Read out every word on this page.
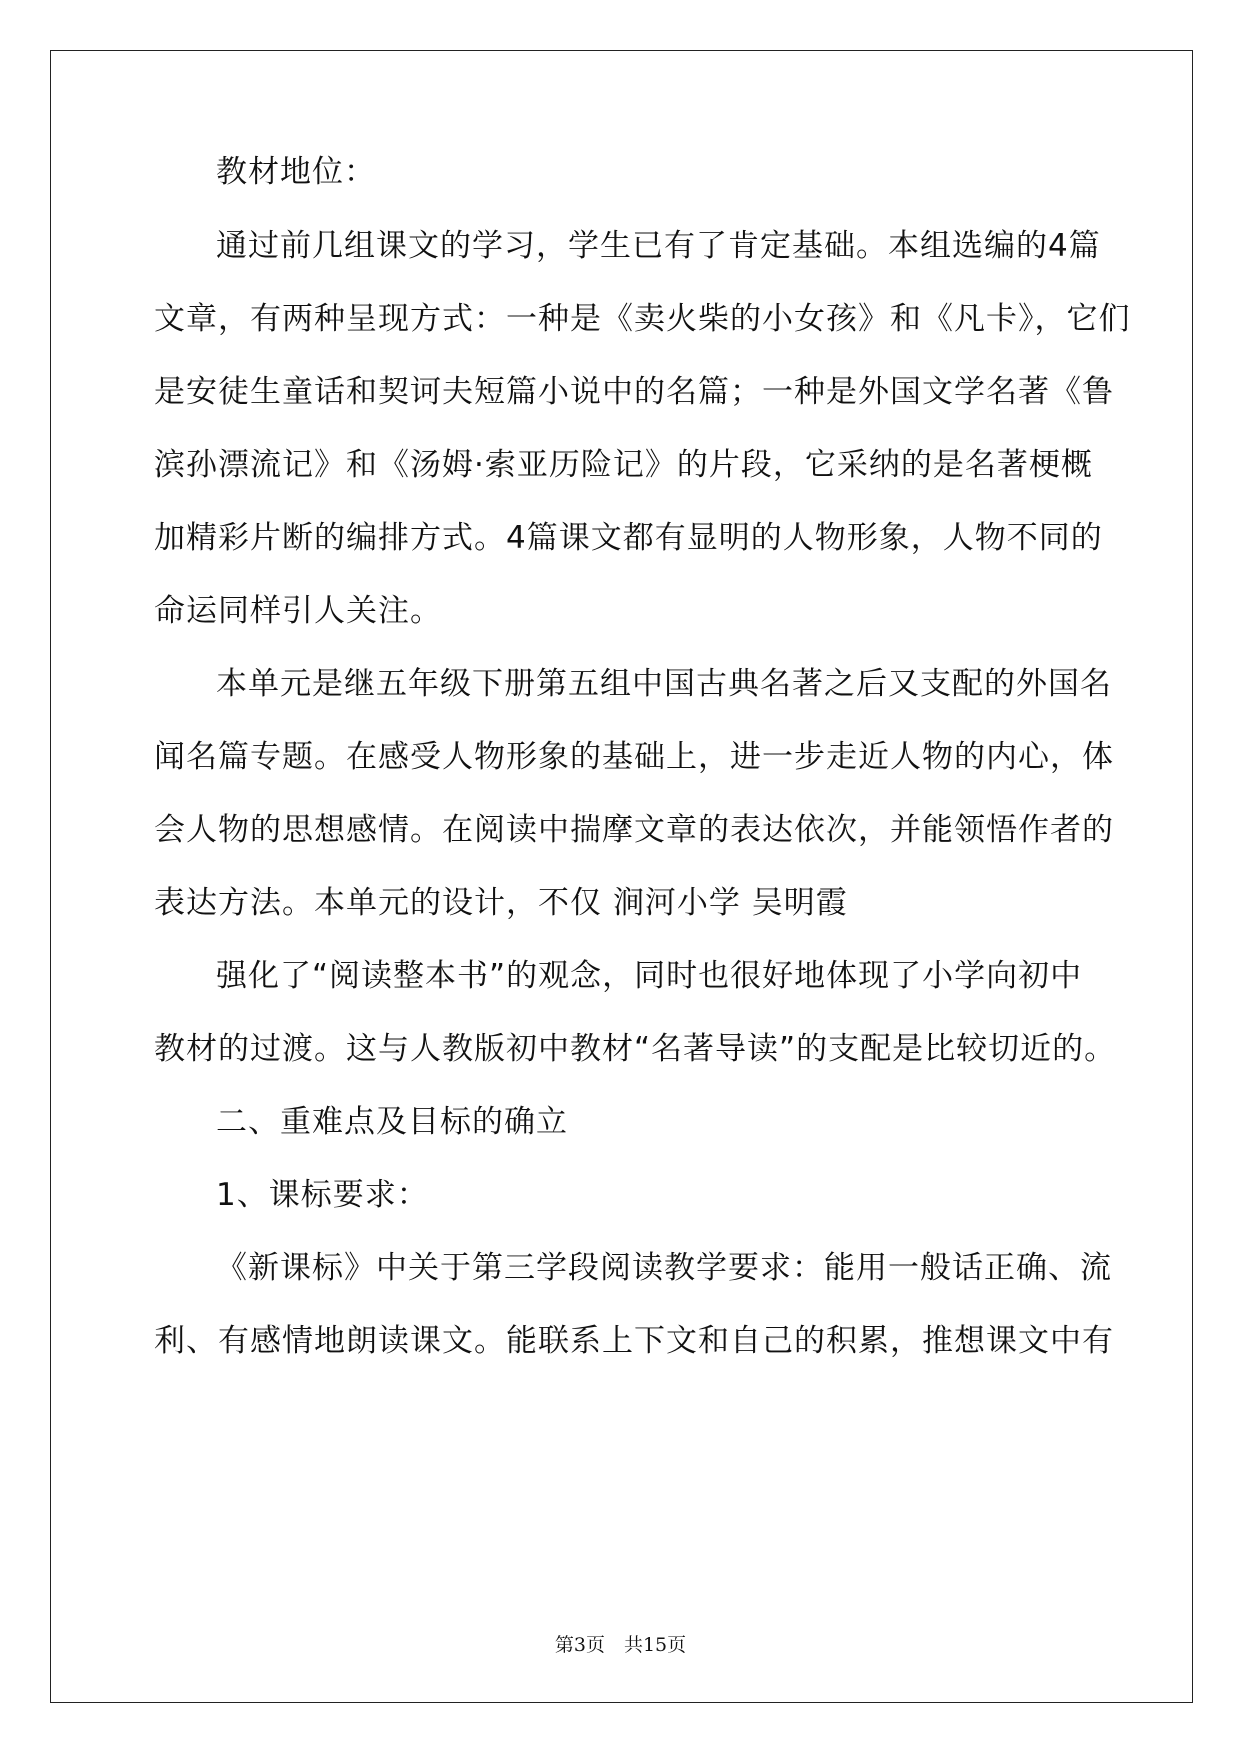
教材地位：
通过前几组课文的学习，学生已有了肯定基础。本组选编的4篇
文章，有两种呈现方式：一种是《卖火柴的小女孩》和《凡卡》，它们
是安徒生童话和契诃夫短篇小说中的名篇；一种是外国文学名著《鲁
滨孙漂流记》和《汤姆·索亚历险记》的片段，它采纳的是名著梗概
加精彩片断的编排方式。4篇课文都有显明的人物形象，人物不同的
命运同样引人关注。
本单元是继五年级下册第五组中国古典名著之后又支配的外国名
闻名篇专题。在感受人物形象的基础上，进一步走近人物的内心，体
会人物的思想感情。在阅读中揣摩文章的表达依次，并能领悟作者的
表达方法。本单元的设计，不仅 涧河小学 吴明霞
强化了“阅读整本书”的观念，同时也很好地体现了小学向初中
教材的过渡。这与人教版初中教材“名著导读”的支配是比较切近的。
二、重难点及目标的确立
1、课标要求：
《新课标》中关于第三学段阅读教学要求：能用一般话正确、流
利、有感情地朗读课文。能联系上下文和自己的积累，推想课文中有
第3页　共15页
